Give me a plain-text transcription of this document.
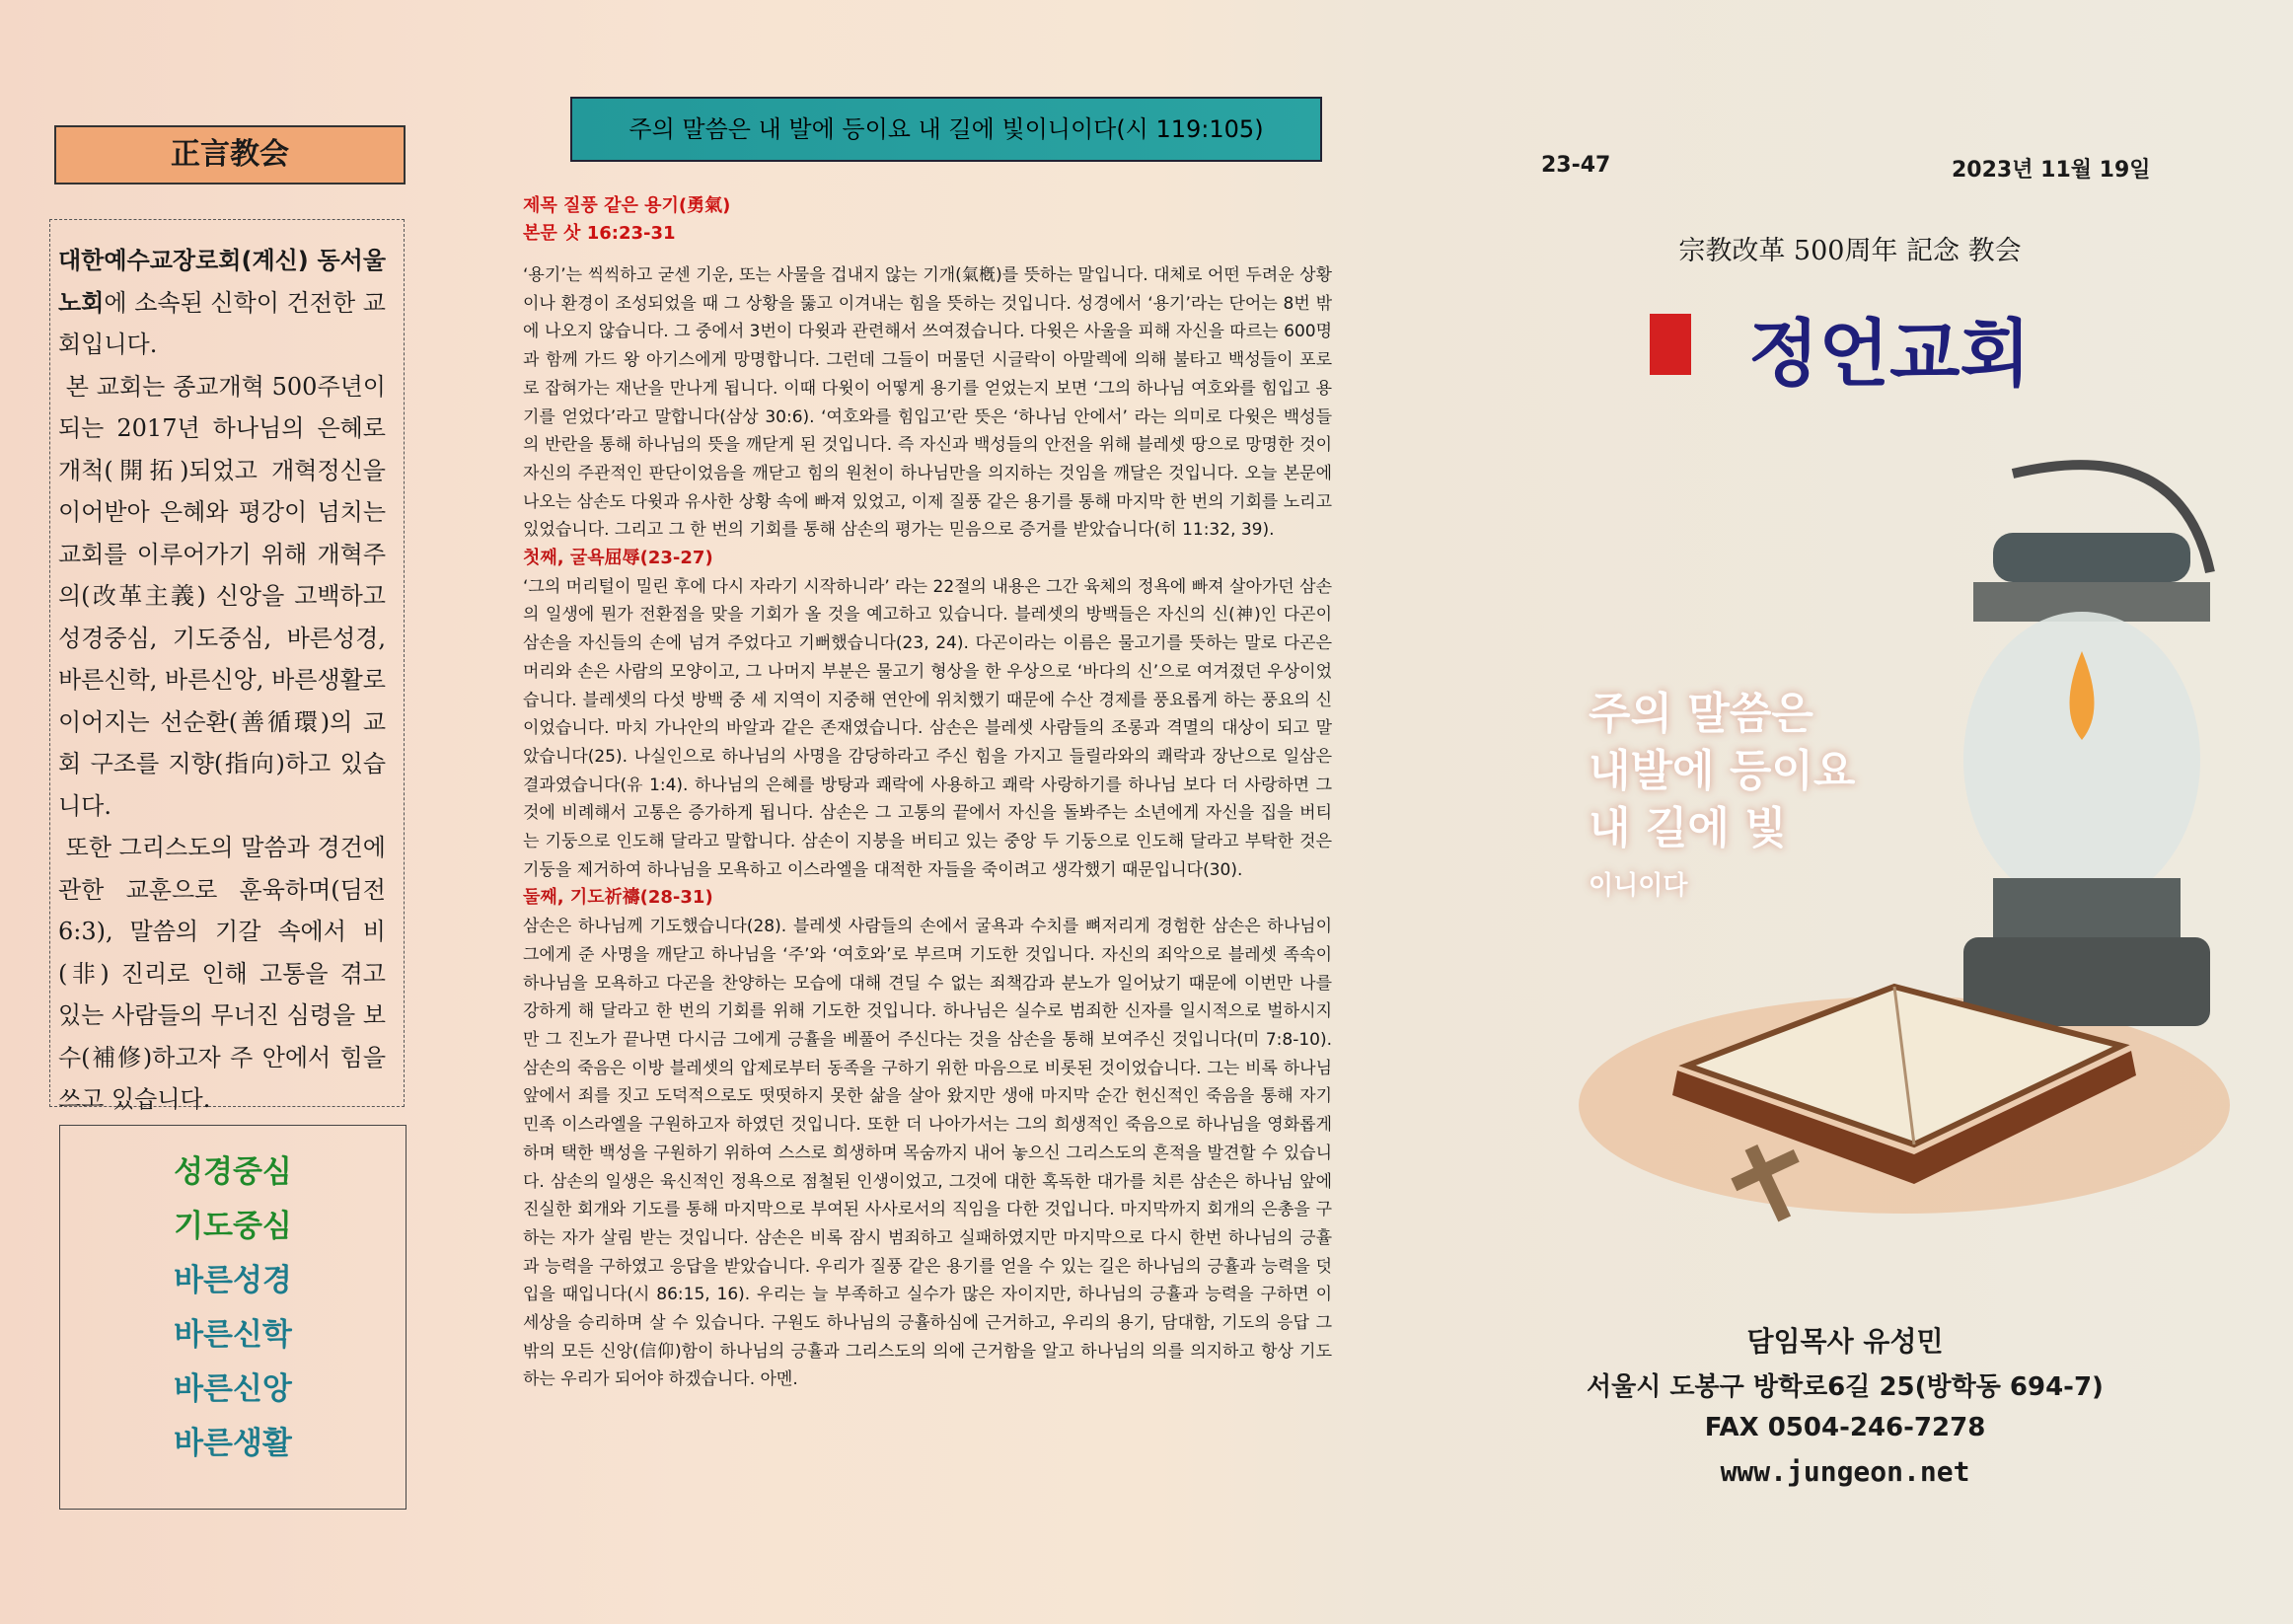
正言教会

대한예수교장로회(계신) 동서울 노회에 소속된 신학이 건전한 교회입니다.

본 교회는 종교개혁 500주년이 되는 2017년 하나님의 은혜로 개척(開拓)되었고 개혁정신을 이어받아 은혜와 평강이 넘치는 교회를 이루어가기 위해 개혁주의(改革主義) 신앙을 고백하고 성경중심, 기도중심, 바른성경, 바른신학, 바른신앙, 바른생활로 이어지는 선순환(善循環)의 교회 구조를 지향(指向)하고 있습니다.

또한 그리스도의 말씀과 경건에 관한 교훈으로 훈육하며(딤전 6:3), 말씀의 기갈 속에서 비(非) 진리로 인해 고통을 겪고 있는 사람들의 무너진 심령을 보수(補修)하고자 주 안에서 힘을 쓰고 있습니다.

성경중심
기도중심
바른성경
바른신학
바른신앙
바른생활
주의 말씀은 내 발에 등이요 내 길에 빛이니이다(시 119:105)
제목 질풍 같은 용기(勇氣)
본문 삿 16:23-31

‘용기’는 씩씩하고 굳센 기운, 또는 사물을 겁내지 않는 기개(氣槪)를 뜻하는 말입니다. 대체로 어떤 두려운 상황이나 환경이 조성되었을 때 그 상황을 뚫고 이겨내는 힘을 뜻하는 것입니다. 성경에서 ‘용기’라는 단어는 8번 밖에 나오지 않습니다. 그 중에서 3번이 다윗과 관련해서 쓰여졌습니다. 다윗은 사울을 피해 자신을 따르는 600명과 함께 가드 왕 아기스에게 망명합니다. 그런데 그들이 머물던 시글락이 아말렉에 의해 불타고 백성들이 포로로 잡혀가는 재난을 만나게 됩니다. 이때 다윗이 어떻게 용기를 얻었는지 보면 ‘그의 하나님 여호와를 힘입고 용기를 얻었다’라고 말합니다(삼상 30:6). ‘여호와를 힘입고’란 뜻은 ‘하나님 안에서’ 라는 의미로 다윗은 백성들의 반란을 통해 하나님의 뜻을 깨닫게 된 것입니다. 즉 자신과 백성들의 안전을 위해 블레셋 땅으로 망명한 것이 자신의 주관적인 판단이었음을 깨닫고 힘의 원천이 하나님만을 의지하는 것임을 깨달은 것입니다. 오늘 본문에 나오는 삼손도 다윗과 유사한 상황 속에 빠져 있었고, 이제 질풍 같은 용기를 통해 마지막 한 번의 기회를 노리고 있었습니다. 그리고 그 한 번의 기회를 통해 삼손의 평가는 믿음으로 증거를 받았습니다(히 11:32, 39).

첫째, 굴욕屈辱(23-27)

‘그의 머리털이 밀린 후에 다시 자라기 시작하니라’ 라는 22절의 내용은 그간 육체의 정욕에 빠져 살아가던 삼손의 일생에 뭔가 전환점을 맞을 기회가 올 것을 예고하고 있습니다. 블레셋의 방백들은 자신의 신(神)인 다곤이 삼손을 자신들의 손에 넘겨 주었다고 기뻐했습니다(23, 24). 다곤이라는 이름은 물고기를 뜻하는 말로 다곤은 머리와 손은 사람의 모양이고, 그 나머지 부분은 물고기 형상을 한 우상으로 ‘바다의 신’으로 여겨졌던 우상이었습니다. 블레셋의 다섯 방백 중 세 지역이 지중해 연안에 위치했기 때문에 수산 경제를 풍요롭게 하는 풍요의 신이었습니다. 마치 가나안의 바알과 같은 존재였습니다. 삼손은 블레셋 사람들의 조롱과 격멸의 대상이 되고 말았습니다(25). 나실인으로 하나님의 사명을 감당하라고 주신 힘을 가지고 들릴라와의 쾌락과 장난으로 일삼은 결과였습니다(유 1:4). 하나님의 은혜를 방탕과 쾌락에 사용하고 쾌락 사랑하기를 하나님 보다 더 사랑하면 그것에 비례해서 고통은 증가하게 됩니다. 삼손은 그 고통의 끝에서 자신을 돌봐주는 소년에게 자신을 집을 버티는 기둥으로 인도해 달라고 말합니다. 삼손이 지붕을 버티고 있는 중앙 두 기둥으로 인도해 달라고 부탁한 것은 기둥을 제거하여 하나님을 모욕하고 이스라엘을 대적한 자들을 죽이려고 생각했기 때문입니다(30).

둘째, 기도祈禱(28-31)

삼손은 하나님께 기도했습니다(28). 블레셋 사람들의 손에서 굴욕과 수치를 뼈저리게 경험한 삼손은 하나님이 그에게 준 사명을 깨닫고 하나님을 ‘주’와 ‘여호와’로 부르며 기도한 것입니다. 자신의 죄악으로 블레셋 족속이 하나님을 모욕하고 다곤을 찬양하는 모습에 대해 견딜 수 없는 죄책감과 분노가 일어났기 때문에 이번만 나를 강하게 해 달라고 한 번의 기회를 위해 기도한 것입니다. 하나님은 실수로 범죄한 신자를 일시적으로 벌하시지만 그 진노가 끝나면 다시금 그에게 긍휼을 베풀어 주신다는 것을 삼손을 통해 보여주신 것입니다(미 7:8-10). 삼손의 죽음은 이방 블레셋의 압제로부터 동족을 구하기 위한 마음으로 비롯된 것이었습니다. 그는 비록 하나님 앞에서 죄를 짓고 도덕적으로도 떳떳하지 못한 삶을 살아 왔지만 생애 마지막 순간 헌신적인 죽음을 통해 자기 민족 이스라엘을 구원하고자 하였던 것입니다. 또한 더 나아가서는 그의 희생적인 죽음으로 하나님을 영화롭게 하며 택한 백성을 구원하기 위하여 스스로 희생하며 목숨까지 내어 놓으신 그리스도의 흔적을 발견할 수 있습니다. 삼손의 일생은 육신적인 정욕으로 점철된 인생이었고, 그것에 대한 혹독한 대가를 치른 삼손은 하나님 앞에 진실한 회개와 기도를 통해 마지막으로 부여된 사사로서의 직임을 다한 것입니다. 마지막까지 회개의 은총을 구하는 자가 살림 받는 것입니다. 삼손은 비록 잠시 범죄하고 실패하였지만 마지막으로 다시 한번 하나님의 긍휼과 능력을 구하였고 응답을 받았습니다. 우리가 질풍 같은 용기를 얻을 수 있는 길은 하나님의 긍휼과 능력을 덧입을 때입니다(시 86:15, 16). 우리는 늘 부족하고 실수가 많은 자이지만, 하나님의 긍휼과 능력을 구하면 이 세상을 승리하며 살 수 있습니다. 구원도 하나님의 긍휼하심에 근거하고, 우리의 용기, 담대함, 기도의 응답 그 밖의 모든 신앙(信仰)함이 하나님의 긍휼과 그리스도의 의에 근거함을 알고 하나님의 의를 의지하고 항상 기도하는 우리가 되어야 하겠습니다. 아멘.

23-47	2023년 11월 19일
宗教改革 500周年 記念 教会
정언교회
주의 말씀은
내발에 등이요
내 길에 빛
이니이다
담임목사 유성민
서울시 도봉구 방학로6길 25(방학동 694-7)
FAX 0504-246-7278
www.jungeon.net
